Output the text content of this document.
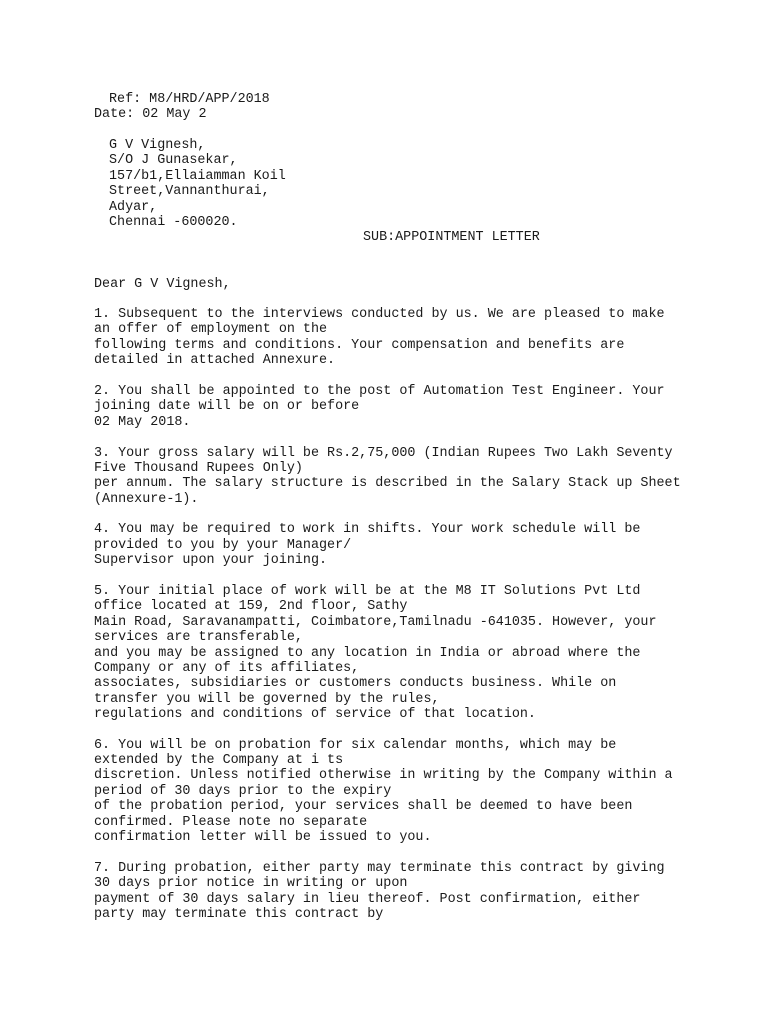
Ref: M8/HRD/APP/2018
Date: 02 May 2
G V Vignesh,
S/O J Gunasekar,
157/b1,Ellaiamman Koil
Street,Vannanthurai,
Adyar,
Chennai -600020.
SUB:APPOINTMENT LETTER
Dear G V Vignesh,
1. Subsequent to the interviews conducted by us. We are pleased to make
an offer of employment on the
following terms and conditions. Your compensation and benefits are
detailed in attached Annexure.
2. You shall be appointed to the post of Automation Test Engineer. Your
joining date will be on or before
02 May 2018.
3. Your gross salary will be Rs.2,75,000 (Indian Rupees Two Lakh Seventy
Five Thousand Rupees Only)
per annum. The salary structure is described in the Salary Stack up Sheet
(Annexure-1).
4. You may be required to work in shifts. Your work schedule will be
provided to you by your Manager/
Supervisor upon your joining.
5. Your initial place of work will be at the M8 IT Solutions Pvt Ltd
office located at 159, 2nd floor, Sathy
Main Road, Saravanampatti, Coimbatore,Tamilnadu -641035. However, your
services are transferable,
and you may be assigned to any location in India or abroad where the
Company or any of its affiliates,
associates, subsidiaries or customers conducts business. While on
transfer you will be governed by the rules,
regulations and conditions of service of that location.
6. You will be on probation for six calendar months, which may be
extended by the Company at i ts
discretion. Unless notified otherwise in writing by the Company within a
period of 30 days prior to the expiry
of the probation period, your services shall be deemed to have been
confirmed. Please note no separate
confirmation letter will be issued to you.
7. During probation, either party may terminate this contract by giving
30 days prior notice in writing or upon
payment of 30 days salary in lieu thereof. Post confirmation, either
party may terminate this contract by
